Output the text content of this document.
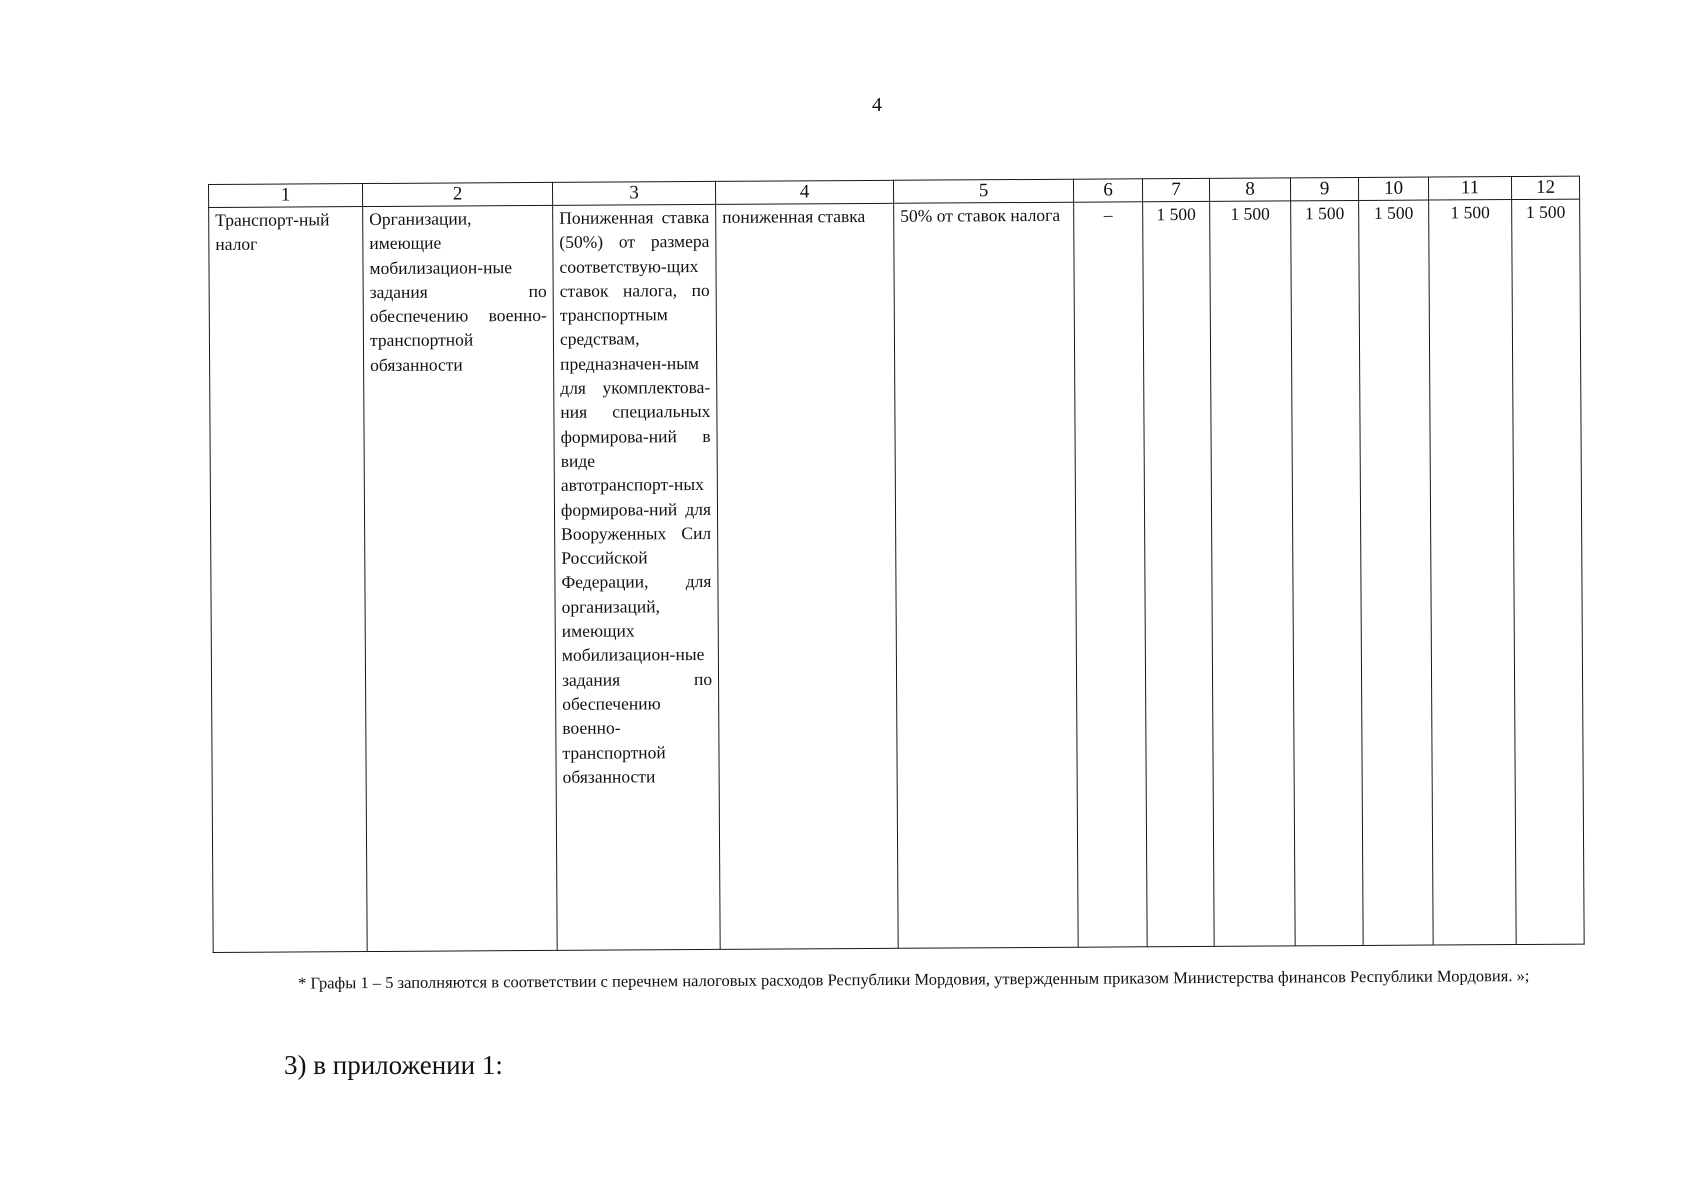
4
1	2	3	4	5	6	7	8	9	10	11	12
Транспорт-ный налог	Организации, имеющие мобилизацион-ные задания по обеспечению военно-транспортной обязанности	Пониженная ставка (50%) от размера соответствую-щих ставок налога, по транспортным средствам, предназначен-ным для укомплектова-ния специальных формирова-ний в виде автотранспорт-ных формирова-ний для Вооруженных Сил Российской Федерации, для организаций, имеющих мобилизацион-ные задания по обеспечению военно-транспортной обязанности	пониженная ставка	50% от ставок налога	–	1 500	1 500	1 500	1 500	1 500	1 500
* Графы 1 – 5 заполняются в соответствии с перечнем налоговых расходов Республики Мордовия, утвержденным приказом Министерства финансов Республики Мордовия. »;
3) в приложении 1:
